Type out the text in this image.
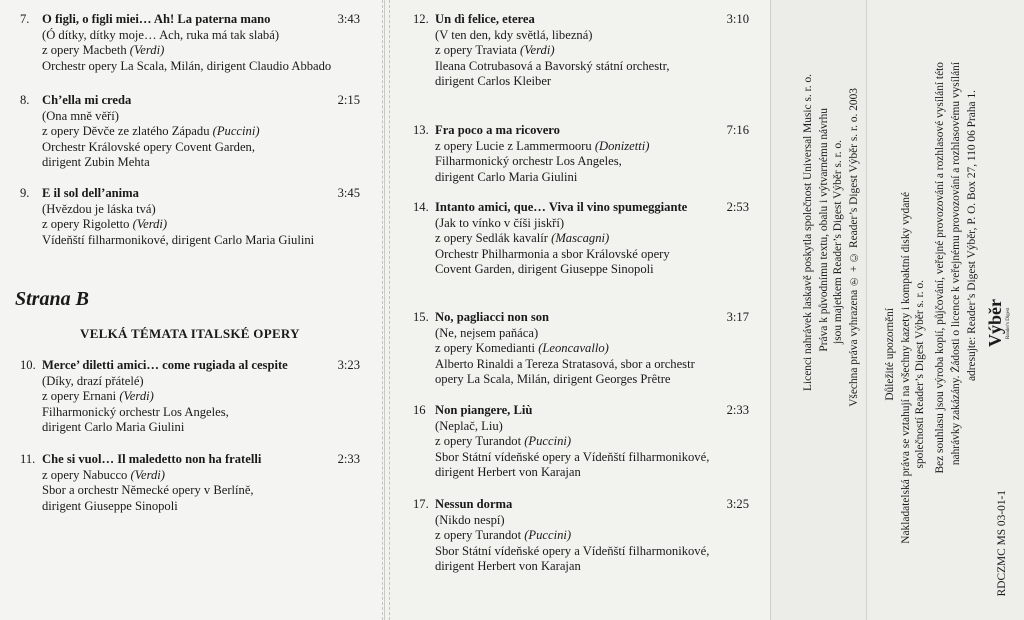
Strana B
VELKÁ TÉMATA ITALSKÉ OPERY
7. O figli, o figli miei… Ah! La paterna mano	3:43
(Ó dítky, dítky moje… Ach, ruka má tak slabá)
z opery Macbeth (Verdi)
Orchestr opery La Scala, Milán, dirigent Claudio Abbado
8. Ch’ella mi creda	2:15
(Ona mně věří)
z opery Děvče ze zlatého Západu (Puccini)
Orchestr Královské opery Covent Garden,
dirigent Zubin Mehta
9. E il sol dell’anima	3:45
(Hvězdou je láska tvá)
z opery Rigoletto (Verdi)
Vídeňští filharmonikové, dirigent Carlo Maria Giulini
10. Merce’ diletti amici… come rugiada al cespite	3:23
(Díky, drazí přátelé)
z opery Ernani (Verdi)
Filharmonický orchestr Los Angeles,
dirigent Carlo Maria Giulini
11. Che si vuol… Il maledetto non ha fratelli	2:33
z opery Nabucco (Verdi)
Sbor a orchestr Německé opery v Berlíně,
dirigent Giuseppe Sinopoli
12. Un dì felice, eterea	3:10
(V ten den, kdy světlá, libezná)
z opery Traviata (Verdi)
Ileana Cotrubasová a Bavorský státní orchestr,
dirigent Carlos Kleiber
13. Fra poco a ma ricovero	7:16
z opery Lucie z Lammermooru (Donizetti)
Filharmonický orchestr Los Angeles,
dirigent Carlo Maria Giulini
14. Intanto amici, que… Viva il vino spumeggiante	2:53
(Jak to vínko v číši jiskří)
z opery Sedlák kavalír (Mascagni)
Orchestr Philharmonia a sbor Královské opery
Covent Garden, dirigent Giuseppe Sinopoli
15. No, pagliacci non son	3:17
(Ne, nejsem paňáca)
z opery Komedianti (Leoncavallo)
Alberto Rinaldi a Tereza Stratasová, sbor a orchestr
opery La Scala, Milán, dirigent Georges Prêtre
16 Non piangere, Liù	2:33
(Neplač, Liu)
z opery Turandot (Puccini)
Sbor Státní vídeňské opery a Vídeňští filharmonikové,
dirigent Herbert von Karajan
17. Nessun dorma	3:25
(Nikdo nespí)
z opery Turandot (Puccini)
Sbor Státní vídeňské opery a Vídeňští filharmonikové,
dirigent Herbert von Karajan
Licenci nahrávek laskavě poskytla společnost Universal Music s. r. o. Práva k původnímu textu, obalu i výtvarnému návrhu jsou majetkem Reader’s Digest Výběr s. r. o. Všechna práva vyhrazena ℗ + © Reader’s Digest Výběr s. r. o. 2003	Výběr Reader's Digest
Důležité upozornění Nakladatelská práva se vztahují na všechny kazety i kompaktní disky vydané společností Reader’s Digest Výběr s. r. o. Bez souhlasu jsou výroba kopií, půjčování, veřejné provozování a rozhlasové vysílání této nahrávky zakázány. Žádosti o licence k veřejnému provozování a rozhlasovému vysílání adresujte: Reader’s Digest Výběr, P. O. Box 27, 110 06 Praha 1.
RDCZMC MS 03-01-1
